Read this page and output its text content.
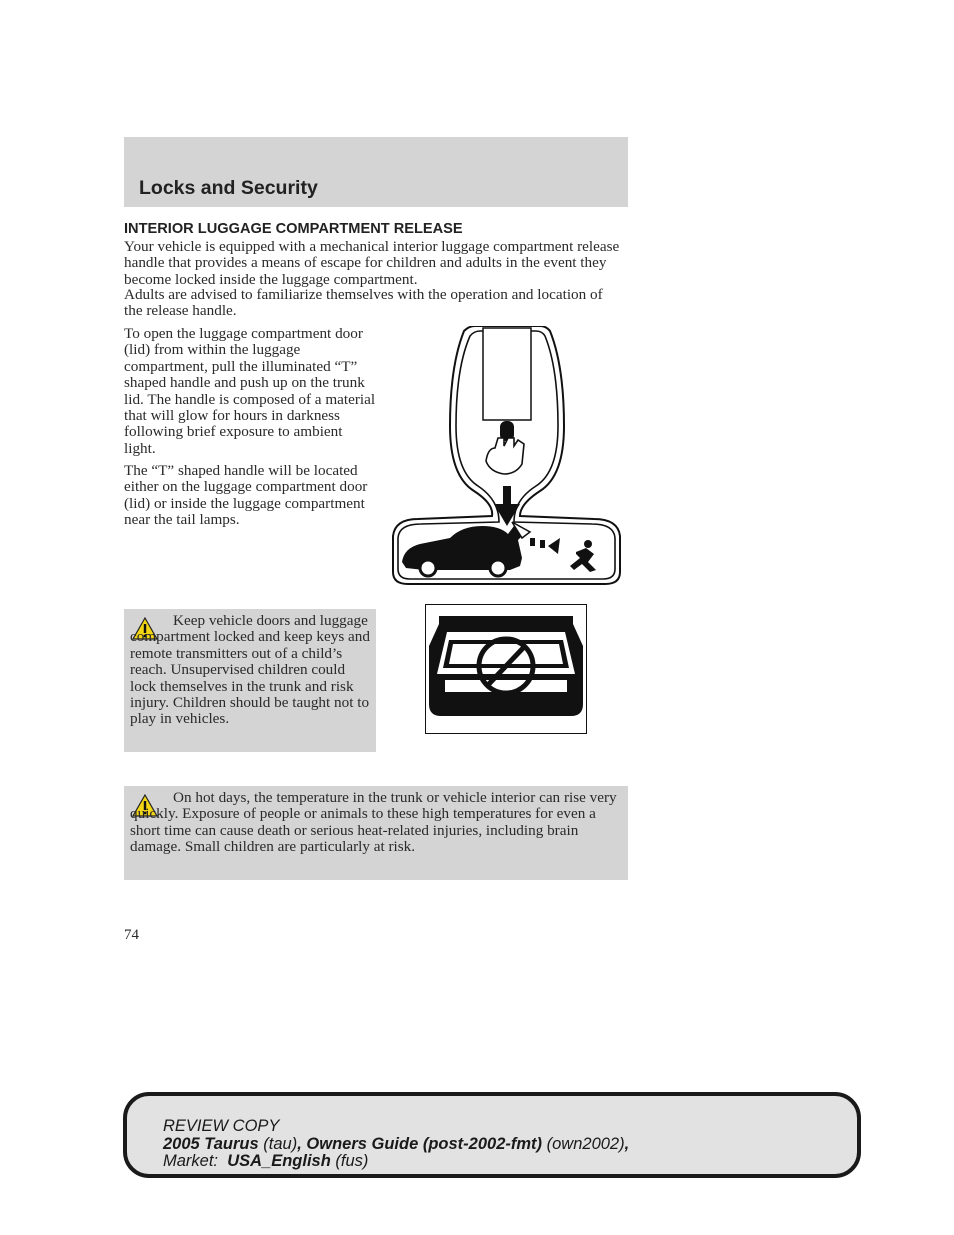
Locks and Security
INTERIOR LUGGAGE COMPARTMENT RELEASE

Your vehicle is equipped with a mechanical interior luggage compartment release handle that provides a means of escape for children and adults in the event they become locked inside the luggage compartment.

Adults are advised to familiarize themselves with the operation and location of the release handle.

To open the luggage compartment door (lid) from within the luggage compartment, pull the illuminated “T” shaped handle and push up on the trunk lid. The handle is composed of a material that will glow for hours in darkness following brief exposure to ambient light.

The “T” shaped handle will be located either on the luggage compartment door (lid) or inside the luggage compartment near the tail lamps.

Keep vehicle doors and luggage compartment locked and keep keys and remote transmitters out of a child’s reach. Unsupervised children could lock themselves in the trunk and risk injury. Children should be taught not to play in vehicles.

On hot days, the temperature in the trunk or vehicle interior can rise very quickly. Exposure of people or animals to these high temperatures for even a short time can cause death or serious heat-related injuries, including brain damage. Small children are particularly at risk.

74

REVIEW COPY
2005 Taurus (tau), Owners Guide (post-2002-fmt) (own2002),
Market: USA_English (fus)
